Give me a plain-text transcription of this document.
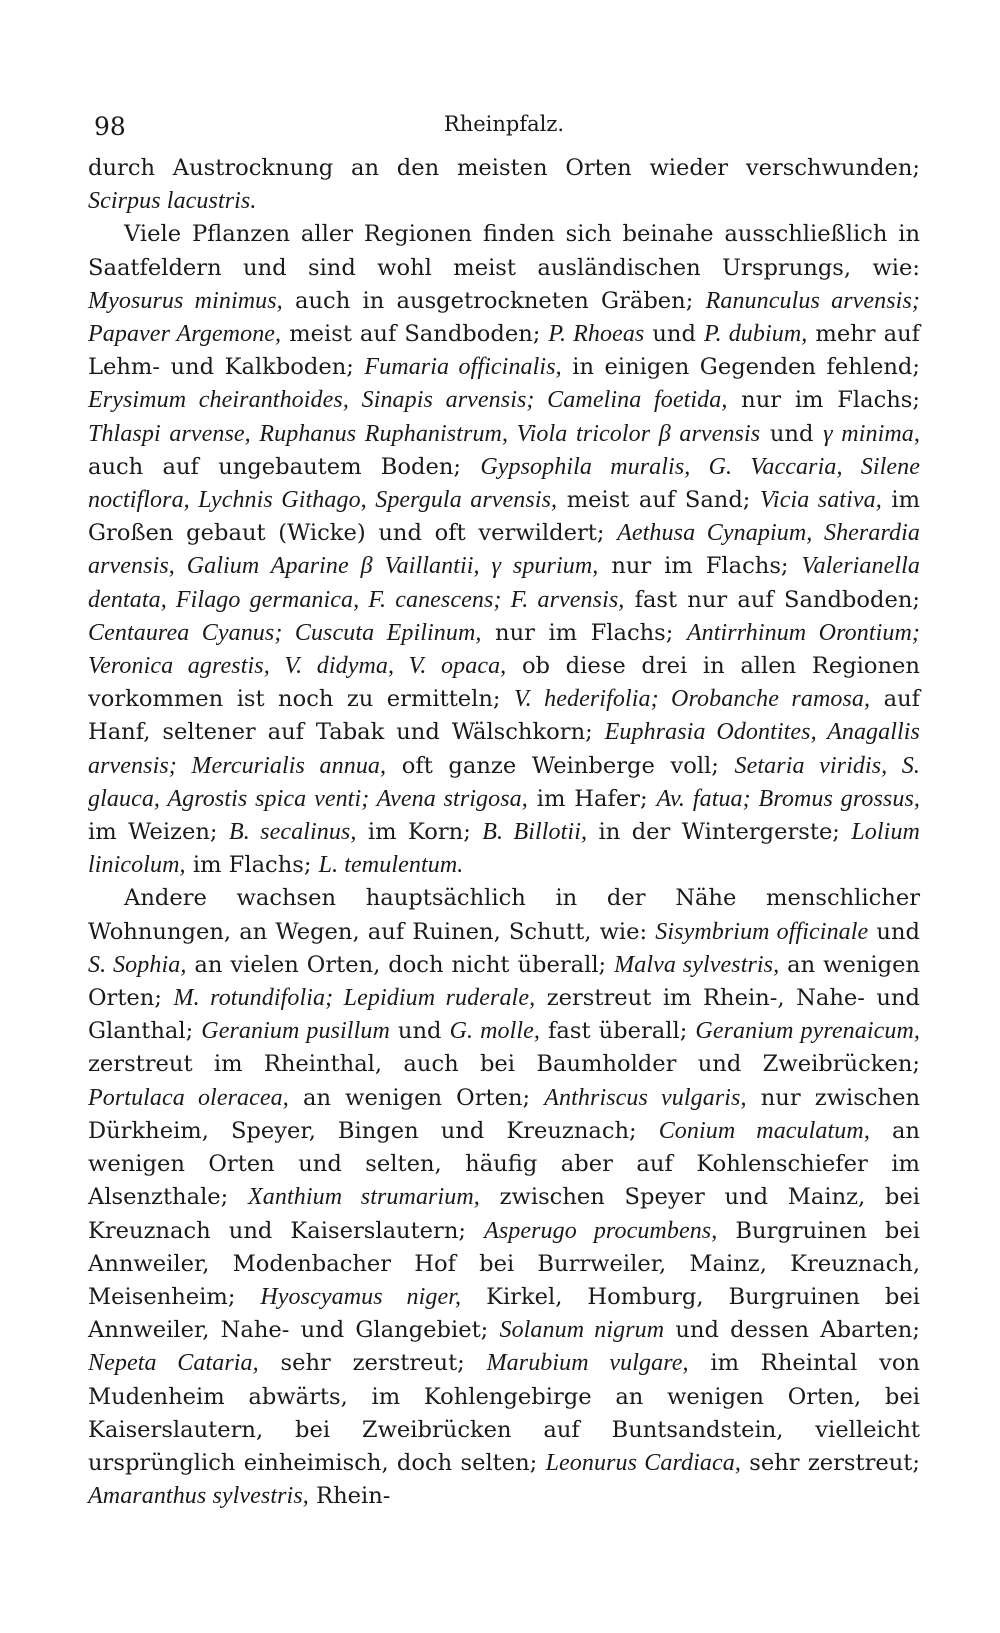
98	Rheinpfalz.

durch Austrocknung an den meisten Orten wieder verschwunden; Scirpus lacustris.

Viele Pflanzen aller Regionen finden sich beinahe ausschließlich in Saatfeldern und sind wohl meist ausländischen Ursprungs, wie: Myosurus minimus, auch in ausgetrockneten Gräben; Ranunculus arvensis; Papaver Argemone, meist auf Sandboden; P. Rhoeas und P. dubium, mehr auf Lehm- und Kalkboden; Fumaria officinalis, in einigen Gegenden fehlend; Erysimum cheiranthoides, Sinapis arvensis; Camelina foetida, nur im Flachs; Thlaspi arvense, Ruphanus Ruphanistrum, Viola tricolor β arvensis und γ minima, auch auf ungebautem Boden; Gypsophila muralis, G. Vaccaria, Silene noctiflora, Lychnis Githago, Spergula arvensis, meist auf Sand; Vicia sativa, im Großen gebaut (Wicke) und oft verwildert; Aethusa Cynapium, Sherardia arvensis, Galium Aparine β Vaillantii, γ spurium, nur im Flachs; Valerianella dentata, Filago germanica, F. canescens; F. arvensis, fast nur auf Sandboden; Centaurea Cyanus; Cuscuta Epilinum, nur im Flachs; Antirrhinum Orontium; Veronica agrestis, V. didyma, V. opaca, ob diese drei in allen Regionen vorkommen ist noch zu ermitteln; V. hederifolia; Orobanche ramosa, auf Hanf, seltener auf Tabak und Wälschkorn; Euphrasia Odontites, Anagallis arvensis; Mercurialis annua, oft ganze Weinberge voll; Setaria viridis, S. glauca, Agrostis spica venti; Avena strigosa, im Hafer; Av. fatua; Bromus grossus, im Weizen; B. secalinus, im Korn; B. Billotii, in der Wintergerste; Lolium linicolum, im Flachs; L. temulentum.

Andere wachsen hauptsächlich in der Nähe menschlicher Wohnungen, an Wegen, auf Ruinen, Schutt, wie: Sisymbrium officinale und S. Sophia, an vielen Orten, doch nicht überall; Malva sylvestris, an wenigen Orten; M. rotundifolia; Lepidium ruderale, zerstreut im Rhein-, Nahe- und Glanthal; Geranium pusillum und G. molle, fast überall; Geranium pyrenaicum, zerstreut im Rheinthal, auch bei Baumholder und Zweibrücken; Portulaca oleracea, an wenigen Orten; Anthriscus vulgaris, nur zwischen Dürkheim, Speyer, Bingen und Kreuznach; Conium maculatum, an wenigen Orten und selten, häufig aber auf Kohlenschiefer im Alsenzthale; Xanthium strumarium, zwischen Speyer und Mainz, bei Kreuznach und Kaiserslautern; Asperugo procumbens, Burgruinen bei Annweiler, Modenbacher Hof bei Burrweiler, Mainz, Kreuznach, Meisenheim; Hyoscyamus niger, Kirkel, Homburg, Burgruinen bei Annweiler, Nahe- und Glangebiet; Solanum nigrum und dessen Abarten; Nepeta Cataria, sehr zerstreut; Marubium vulgare, im Rheintal von Mudenheim abwärts, im Kohlengebirge an wenigen Orten, bei Kaiserslautern, bei Zweibrücken auf Buntsandstein, vielleicht ursprünglich einheimisch, doch selten; Leonurus Cardiaca, sehr zerstreut; Amaranthus sylvestris, Rhein-
